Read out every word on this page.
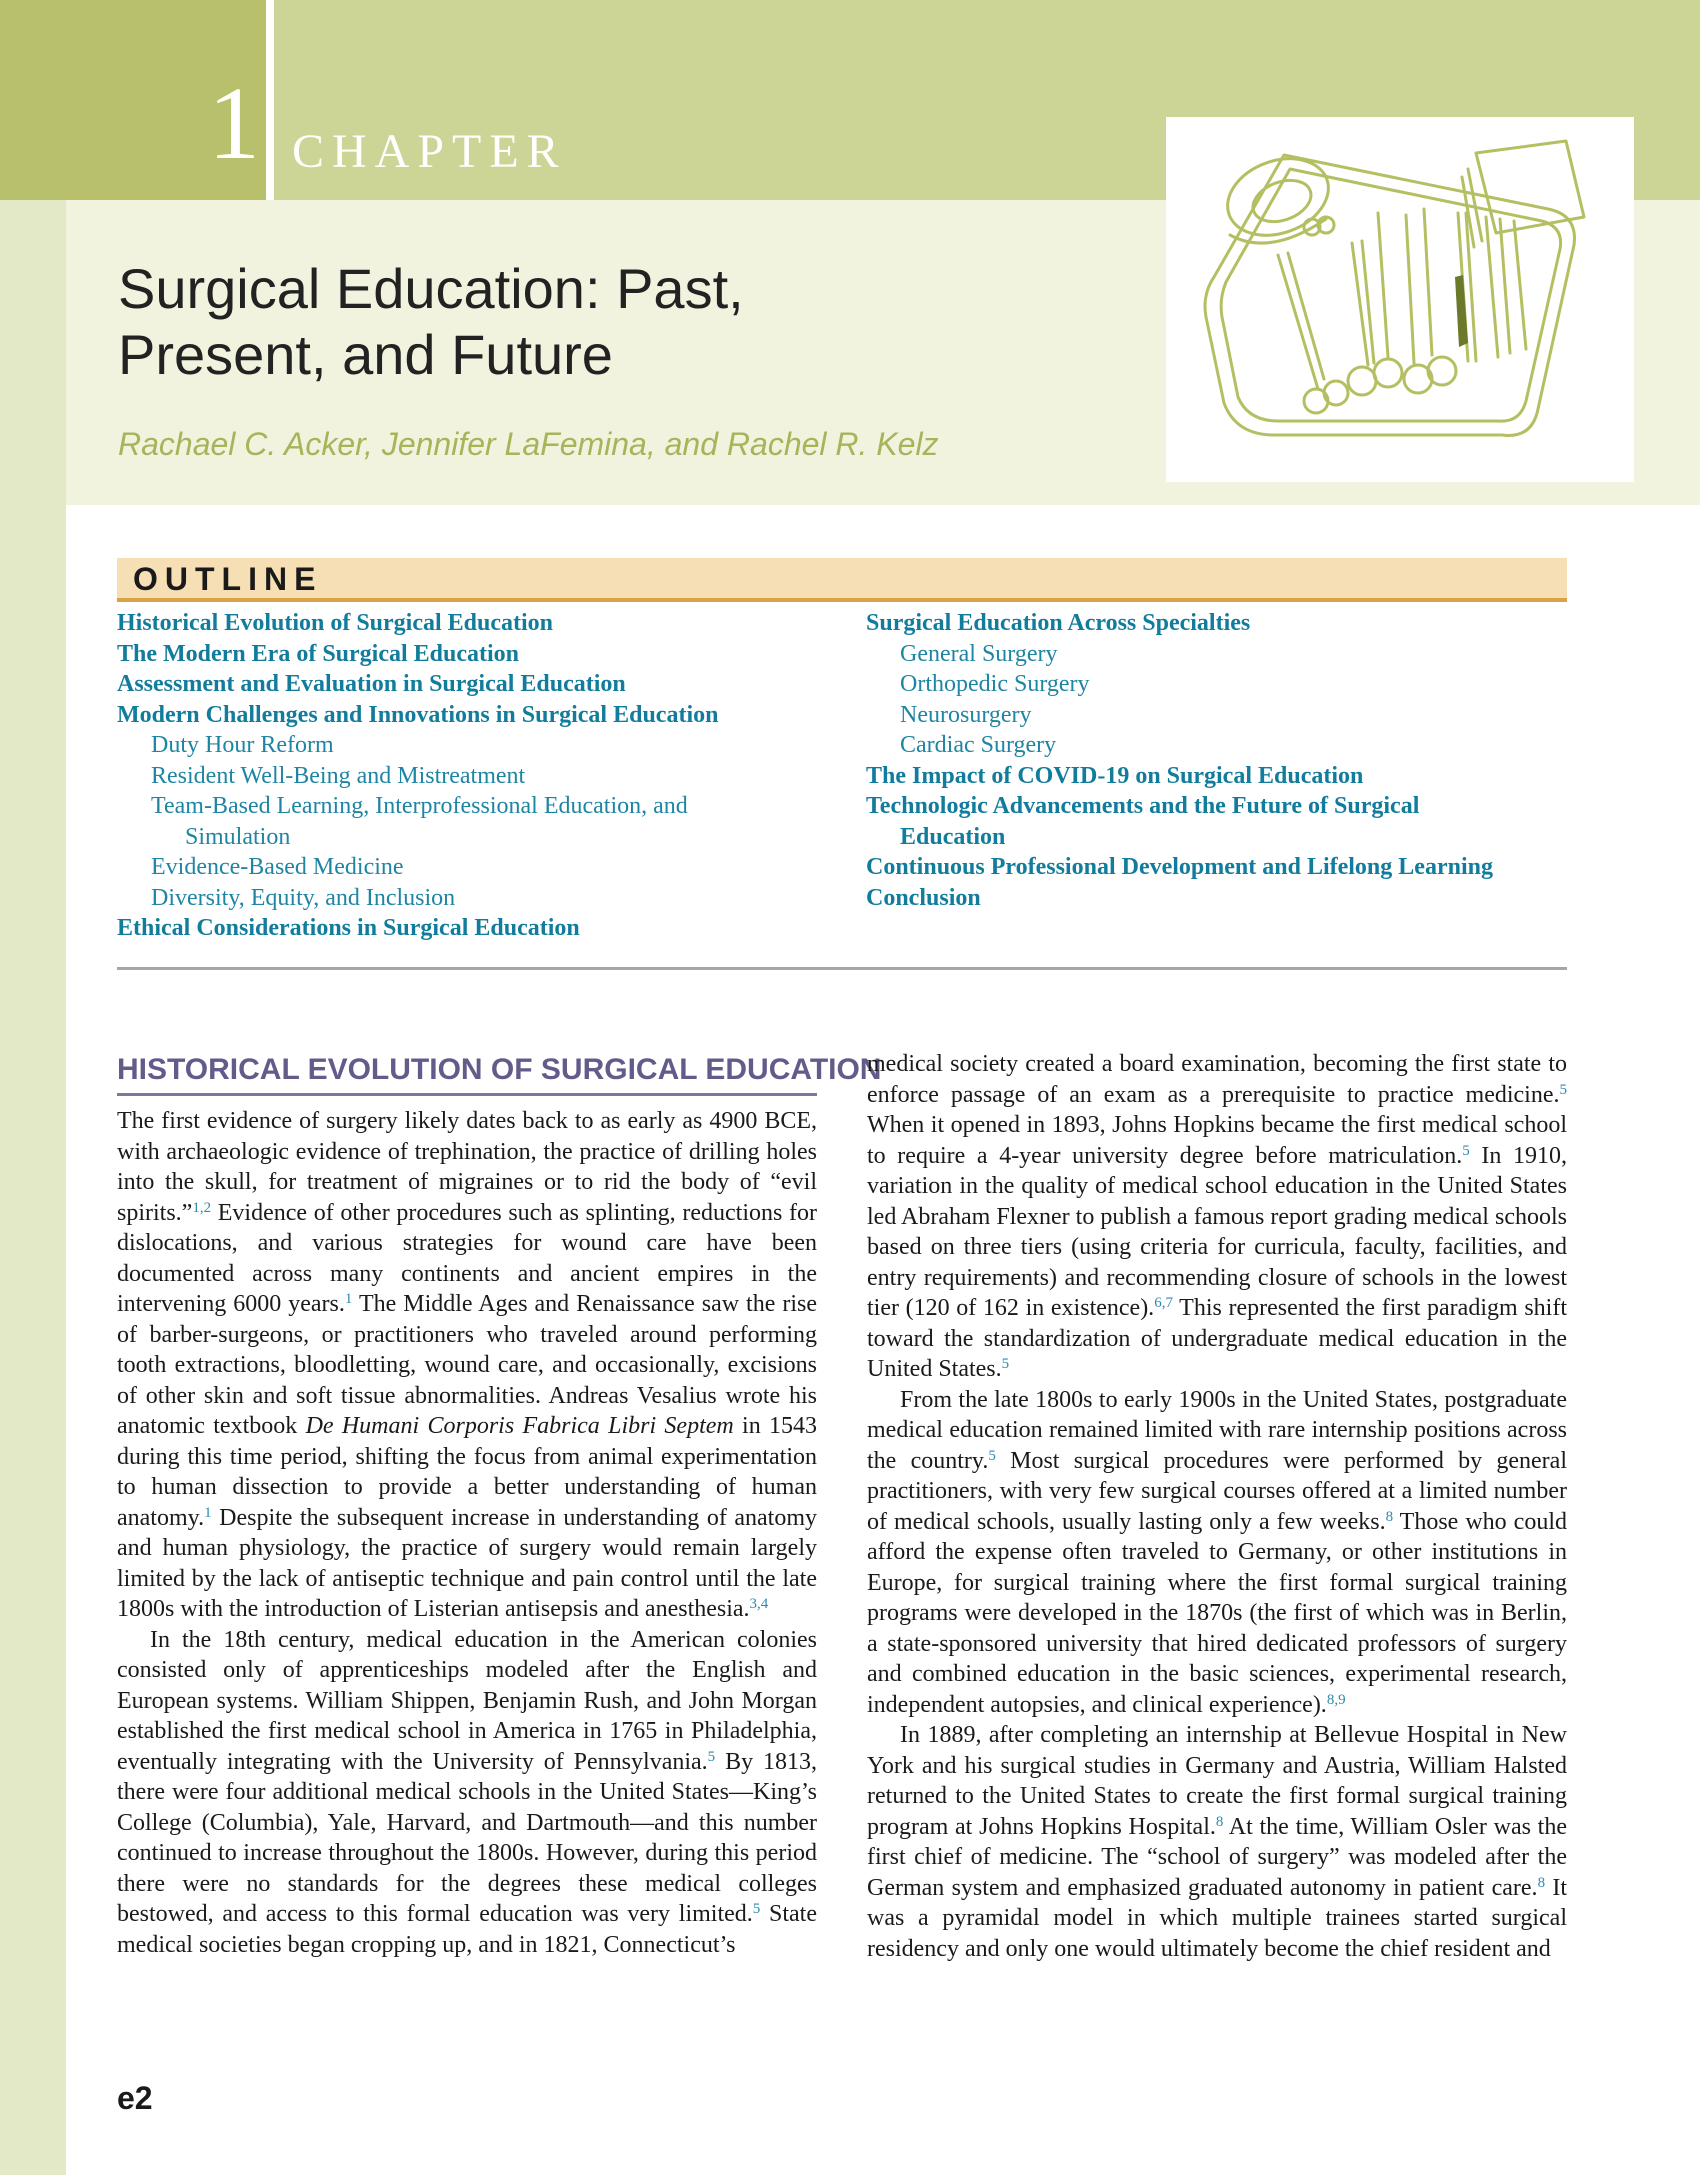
1 CHAPTER
Surgical Education: Past,
Present, and Future
Rachael C. Acker, Jennifer LaFemina, and Rachel R. Kelz
OUTLINE
Historical Evolution of Surgical Education
The Modern Era of Surgical Education
Assessment and Evaluation in Surgical Education
Modern Challenges and Innovations in Surgical Education
Duty Hour Reform
Resident Well-Being and Mistreatment
Team-Based Learning, Interprofessional Education, and
Simulation
Evidence-Based Medicine
Diversity, Equity, and Inclusion
Ethical Considerations in Surgical Education
Surgical Education Across Specialties
General Surgery
Orthopedic Surgery
Neurosurgery
Cardiac Surgery
The Impact of COVID-19 on Surgical Education
Technologic Advancements and the Future of Surgical
Education
Continuous Professional Development and Lifelong Learning
Conclusion
HISTORICAL EVOLUTION OF SURGICAL EDUCATION

The first evidence of surgery likely dates back to as early as 4900 BCE, with archaeologic evidence of trephination, the practice of drilling holes into the skull, for treatment of migraines or to rid the body of “evil spirits.”$^{1,2}$ Evidence of other procedures such as splinting, reductions for dislocations, and various strategies for wound care have been documented across many continents and ancient empires in the intervening 6000 years.$^1$ The Middle Ages and Renaissance saw the rise of barber-surgeons, or practitioners who traveled around performing tooth extractions, bloodletting, wound care, and occasionally, excisions of other skin and soft tissue abnormalities. Andreas Vesalius wrote his anatomic textbook De Humani Corporis Fabrica Libri Septem in 1543 during this time period, shifting the focus from animal experimentation to human dissection to provide a better understanding of human anatomy.$^1$ Despite the subsequent increase in understanding of anatomy and human physiology, the practice of surgery would remain largely limited by the lack of antiseptic technique and pain control until the late 1800s with the introduction of Listerian antisepsis and anesthesia.$^{3,4}$

In the 18th century, medical education in the American colonies consisted only of apprenticeships modeled after the English and European systems. William Shippen, Benjamin Rush, and John Morgan established the first medical school in America in 1765 in Philadelphia, eventually integrating with the University of Pennsylvania.$^5$ By 1813, there were four additional medical schools in the United States—King’s College (Columbia), Yale, Harvard, and Dartmouth—and this number continued to increase throughout the 1800s. However, during this period there were no standards for the degrees these medical colleges bestowed, and access to this formal education was very limited.$^5$ State medical societies began cropping up, and in 1821, Connecticut’s

medical society created a board examination, becoming the first state to enforce passage of an exam as a prerequisite to practice medicine.$^5$ When it opened in 1893, Johns Hopkins became the first medical school to require a 4-year university degree before matriculation.$^5$ In 1910, variation in the quality of medical school education in the United States led Abraham Flexner to publish a famous report grading medical schools based on three tiers (using criteria for curricula, faculty, facilities, and entry requirements) and recommending closure of schools in the lowest tier (120 of 162 in existence).$^{6,7}$ This represented the first paradigm shift toward the standardization of undergraduate medical education in the United States.$^5$

From the late 1800s to early 1900s in the United States, postgraduate medical education remained limited with rare internship positions across the country.$^5$ Most surgical procedures were performed by general practitioners, with very few surgical courses offered at a limited number of medical schools, usually lasting only a few weeks.$^8$ Those who could afford the expense often traveled to Germany, or other institutions in Europe, for surgical training where the first formal surgical training programs were developed in the 1870s (the first of which was in Berlin, a state-sponsored university that hired dedicated professors of surgery and combined education in the basic sciences, experimental research, independent autopsies, and clinical experience).$^{8,9}$

In 1889, after completing an internship at Bellevue Hospital in New York and his surgical studies in Germany and Austria, William Halsted returned to the United States to create the first formal surgical training program at Johns Hopkins Hospital.$^8$ At the time, William Osler was the first chief of medicine. The “school of surgery” was modeled after the German system and emphasized graduated autonomy in patient care.$^8$ It was a pyramidal model in which multiple trainees started surgical residency and only one would ultimately become the chief resident and

e2
